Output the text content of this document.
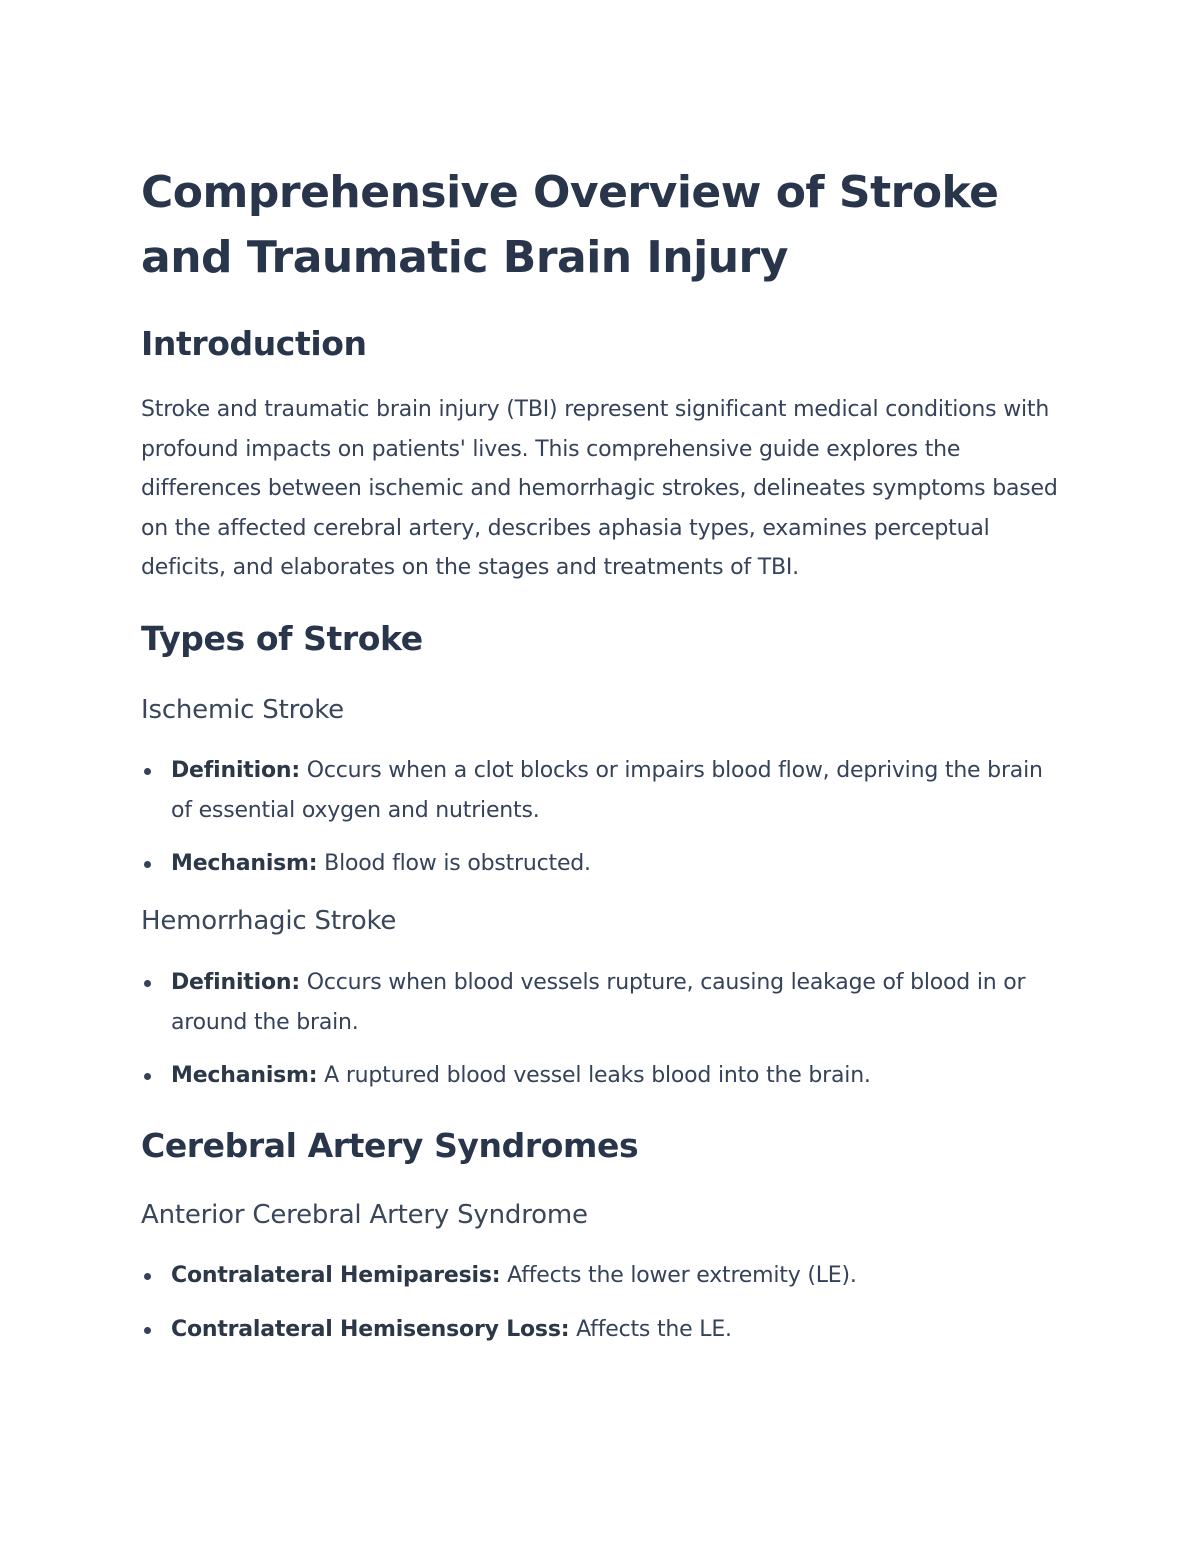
Comprehensive Overview of Stroke and Traumatic Brain Injury
Introduction

Stroke and traumatic brain injury (TBI) represent significant medical conditions with profound impacts on patients' lives. This comprehensive guide explores the differences between ischemic and hemorrhagic strokes, delineates symptoms based on the affected cerebral artery, describes aphasia types, examines perceptual deficits, and elaborates on the stages and treatments of TBI.

Types of Stroke
Ischemic Stroke
Definition: Occurs when a clot blocks or impairs blood flow, depriving the brain of essential oxygen and nutrients.
Mechanism: Blood flow is obstructed.
Hemorrhagic Stroke
Definition: Occurs when blood vessels rupture, causing leakage of blood in or around the brain.
Mechanism: A ruptured blood vessel leaks blood into the brain.
Cerebral Artery Syndromes
Anterior Cerebral Artery Syndrome
Contralateral Hemiparesis: Affects the lower extremity (LE).
Contralateral Hemisensory Loss: Affects the LE.
